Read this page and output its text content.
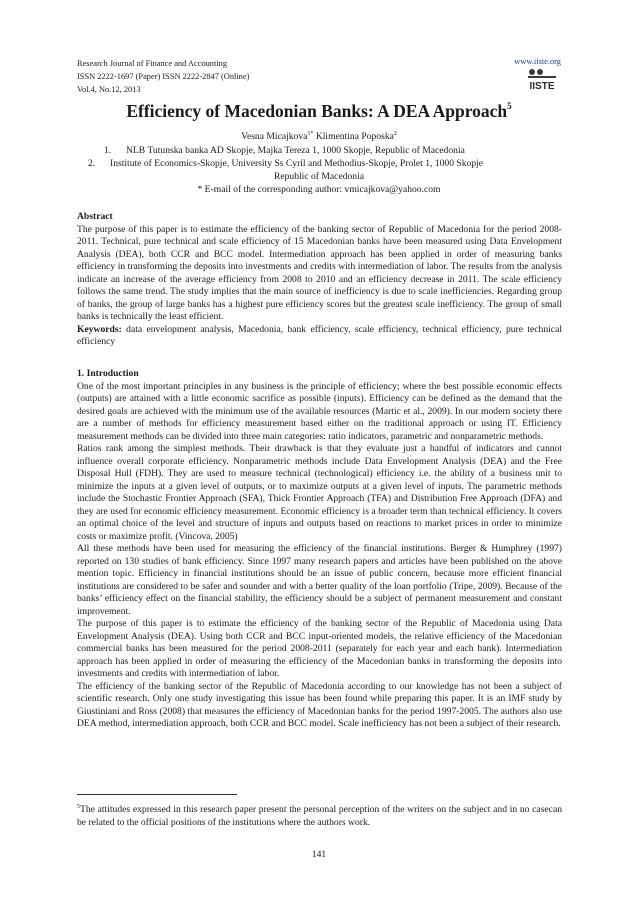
Research Journal of Finance and Accounting
ISSN 2222-1697 (Paper) ISSN 2222-2847 (Online)
Vol.4, No.12, 2013
www.iiste.org
IISTE
Efficiency of Macedonian Banks: A DEA Approach$^5$
Vesna Micajkova$^{1*}$ Klimentina Poposka$^2$
1. NLB Tutunska banka AD Skopje, Majka Tereza 1, 1000 Skopje, Republic of Macedonia
2. Institute of Economics-Skopje, University Ss Cyril and Methodius-Skopje, Prolet 1, 1000 Skopje
Republic of Macedonia
* E-mail of the corresponding author: vmicajkova@yahoo.com

Abstract

The purpose of this paper is to estimate the efficiency of the banking sector of Republic of Macedonia for the period 2008-2011. Technical, pure technical and scale efficiency of 15 Macedonian banks have been measured using Data Envelopment Analysis (DEA), both CCR and BCC model. Intermediation approach has been applied in order of measuring banks efficiency in transforming the deposits into investments and credits with intermediation of labor. The results from the analysis indicate an increase of the average efficiency from 2008 to 2010 and an efficiency decrease in 2011. The scale efficiency follows the same trend. The study implies that the main source of inefficiency is due to scale inefficiencies. Regarding group of banks, the group of large banks has a highest pure efficiency scores but the greatest scale inefficiency. The group of small banks is technically the least efficient.

Keywords: data envelopment analysis, Macedonia, bank efficiency, scale efficiency, technical efficiency, pure technical efficiency

1. Introduction

One of the most important principles in any business is the principle of efficiency; where the best possible economic effects (outputs) are attained with a little economic sacrifice as possible (inputs). Efficiency can be defined as the demand that the desired goals are achieved with the minimum use of the available resources (Martic et al., 2009). In our modern society there are a number of methods for efficiency measurement based either on the traditional approach or using IT. Efficiency measurement methods can be divided into three main categories: ratio indicators, parametric and nonparametric methods.

Ratios rank among the simplest methods. Their drawback is that they evaluate just a handful of indicators and cannot influence overall corporate efficiency. Nonparametric methods include Data Envelopment Analysis (DEA) and the Free Disposal Hull (FDH). They are used to measure technical (technological) efficiency i.e. the ability of a business unit to minimize the inputs at a given level of outputs, or to maximize outputs at a given level of inputs. The parametric methods include the Stochastic Frontier Approach (SFA), Thick Frontier Approach (TFA) and Distribution Free Approach (DFA) and they are used for economic efficiency measurement. Economic efficiency is a broader term than technical efficiency. It covers an optimal choice of the level and structure of inputs and outputs based on reactions to market prices in order to minimize costs or maximize profit. (Vincova, 2005)

All these methods have been used for measuring the efficiency of the financial institutions. Berger & Humphrey (1997) reported on 130 studies of bank efficiency. Since 1997 many research papers and articles have been published on the above mention topic. Efficiency in financial institutions should be an issue of public concern, because more efficient financial institutions are considered to be safer and sounder and with a better quality of the loan portfolio (Tripe, 2009). Because of the banks’ efficiency effect on the financial stability, the efficiency should be a subject of permanent measurement and constant improvement.

The purpose of this paper is to estimate the efficiency of the banking sector of the Republic of Macedonia using Data Envelopment Analysis (DEA). Using both CCR and BCC input-oriented models, the relative efficiency of the Macedonian commercial banks has been measured for the period 2008-2011 (separately for each year and each bank). Intermediation approach has been applied in order of measuring the efficiency of the Macedonian banks in transforming the deposits into investments and credits with intermediation of labor.

The efficiency of the banking sector of the Republic of Macedonia according to our knowledge has not been a subject of scientific research. Only one study investigating this issue has been found while preparing this paper. It is an IMF study by Giustiniani and Ross (2008) that measures the efficiency of Macedonian banks for the period 1997-2005. The authors also use DEA method, intermediation approach, both CCR and BCC model. Scale inefficiency has not been a subject of their research.

$^5$The attitudes expressed in this research paper present the personal perception of the writers on the subject and in no casecan be related to the official positions of the institutions where the authors work.
141
